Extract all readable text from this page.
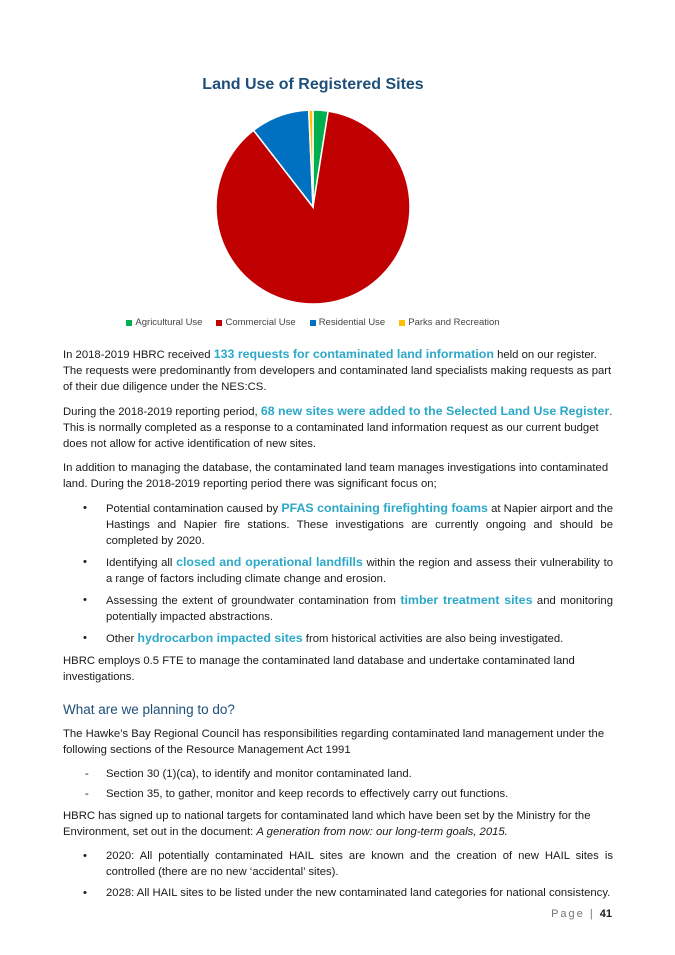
Land Use of Registered Sites
Agricultural Use Commercial Use Residential Use Parks and Recreation

In 2018-2019 HBRC received 133 requests for contaminated land information held on our register. The requests were predominantly from developers and contaminated land specialists making requests as part of their due diligence under the NES:CS.

During the 2018-2019 reporting period, 68 new sites were added to the Selected Land Use Register. This is normally completed as a response to a contaminated land information request as our current budget does not allow for active identification of new sites.

In addition to managing the database, the contaminated land team manages investigations into contaminated land. During the 2018-2019 reporting period there was significant focus on;

• Potential contamination caused by PFAS containing firefighting foams at Napier airport and the Hastings and Napier fire stations. These investigations are currently ongoing and should be completed by 2020.
• Identifying all closed and operational landfills within the region and assess their vulnerability to a range of factors including climate change and erosion.
• Assessing the extent of groundwater contamination from timber treatment sites and monitoring potentially impacted abstractions.
• Other hydrocarbon impacted sites from historical activities are also being investigated.

HBRC employs 0.5 FTE to manage the contaminated land database and undertake contaminated land investigations.

What are we planning to do?

The Hawke’s Bay Regional Council has responsibilities regarding contaminated land management under the following sections of the Resource Management Act 1991

- Section 30 (1)(ca), to identify and monitor contaminated land.
- Section 35, to gather, monitor and keep records to effectively carry out functions.

HBRC has signed up to national targets for contaminated land which have been set by the Ministry for the Environment, set out in the document: A generation from now: our long-term goals, 2015.

• 2020: All potentially contaminated HAIL sites are known and the creation of new HAIL sites is controlled (there are no new ‘accidental’ sites).
• 2028: All HAIL sites to be listed under the new contaminated land categories for national consistency.
Page | 41
